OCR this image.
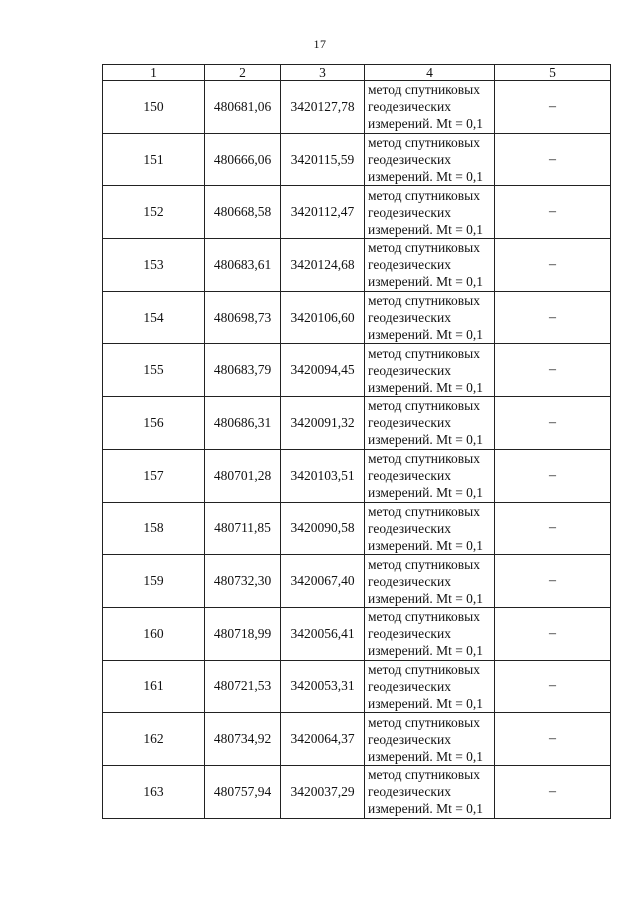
17
1	2	3	4	5
150	480681,06	3420127,78	метод спутниковых
геодезических
измерений. Mt = 0,1	–
151	480666,06	3420115,59	метод спутниковых
геодезических
измерений. Mt = 0,1	–
152	480668,58	3420112,47	метод спутниковых
геодезических
измерений. Mt = 0,1	–
153	480683,61	3420124,68	метод спутниковых
геодезических
измерений. Mt = 0,1	–
154	480698,73	3420106,60	метод спутниковых
геодезических
измерений. Mt = 0,1	–
155	480683,79	3420094,45	метод спутниковых
геодезических
измерений. Mt = 0,1	–
156	480686,31	3420091,32	метод спутниковых
геодезических
измерений. Mt = 0,1	–
157	480701,28	3420103,51	метод спутниковых
геодезических
измерений. Mt = 0,1	–
158	480711,85	3420090,58	метод спутниковых
геодезических
измерений. Mt = 0,1	–
159	480732,30	3420067,40	метод спутниковых
геодезических
измерений. Mt = 0,1	–
160	480718,99	3420056,41	метод спутниковых
геодезических
измерений. Mt = 0,1	–
161	480721,53	3420053,31	метод спутниковых
геодезических
измерений. Mt = 0,1	–
162	480734,92	3420064,37	метод спутниковых
геодезических
измерений. Mt = 0,1	–
163	480757,94	3420037,29	метод спутниковых
геодезических
измерений. Mt = 0,1	–
